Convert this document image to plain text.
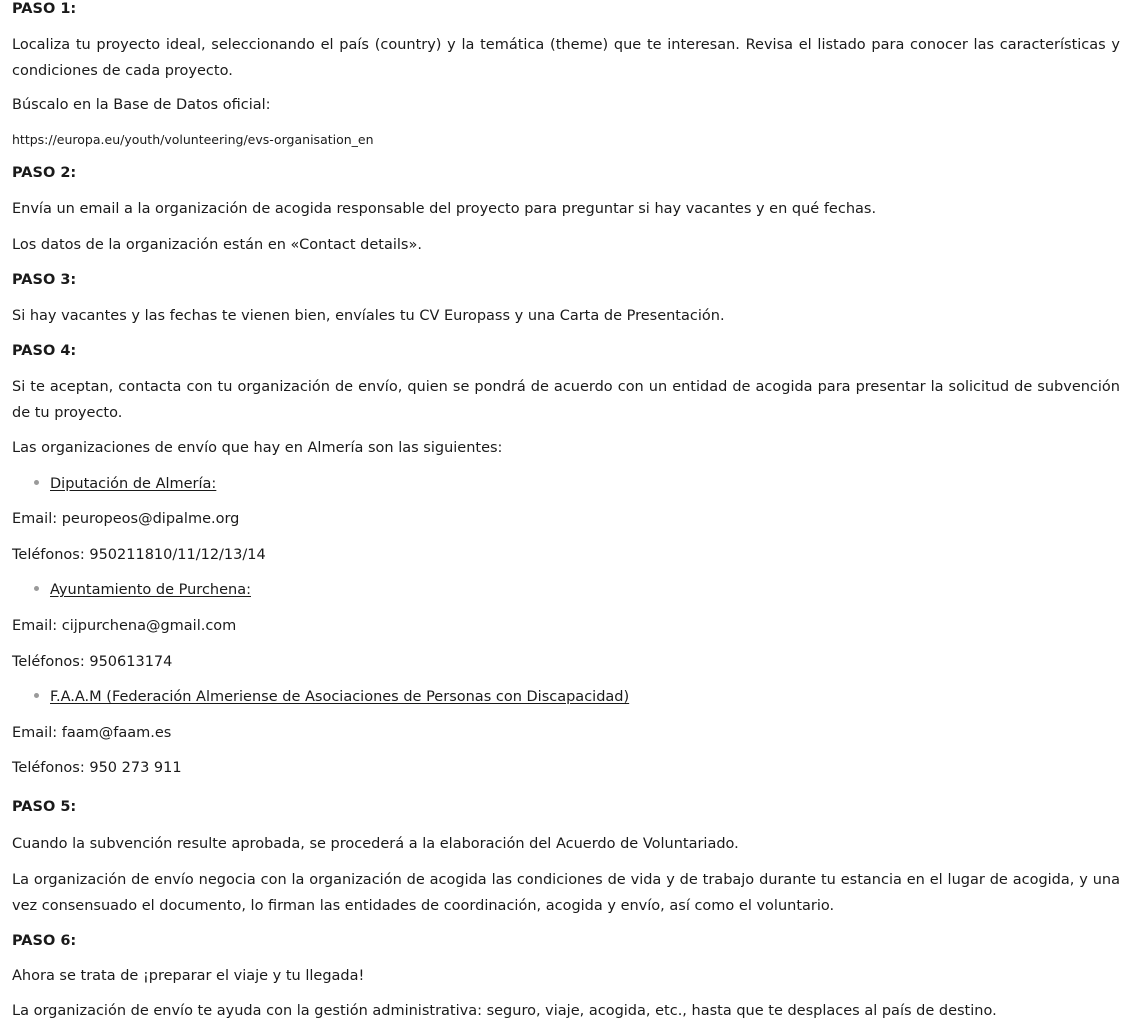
PASO 1:

Localiza tu proyecto ideal, seleccionando el país (country) y la temática (theme) que te interesan. Revisa el listado para conocer las características y condiciones de cada proyecto.

Búscalo en la Base de Datos oficial:

https://europa.eu/youth/volunteering/evs-organisation_en

PASO 2:

Envía un email a la organización de acogida responsable del proyecto para preguntar si hay vacantes y en qué fechas.

Los datos de la organización están en «Contact details».

PASO 3:

Si hay vacantes y las fechas te vienen bien, envíales tu CV Europass y una Carta de Presentación.

PASO 4:

Si te aceptan, contacta con tu organización de envío, quien se pondrá de acuerdo con un entidad de acogida para presentar la solicitud de subvención de tu proyecto.

Las organizaciones de envío que hay en Almería son las siguientes:

Diputación de Almería:

Email: peuropeos@dipalme.org

Teléfonos: 950211810/11/12/13/14

Ayuntamiento de Purchena:

Email: cijpurchena@gmail.com

Teléfonos: 950613174

F.A.A.M (Federación Almeriense de Asociaciones de Personas con Discapacidad)

Email: faam@faam.es

Teléfonos: 950 273 911

PASO 5:

Cuando la subvención resulte aprobada, se procederá a la elaboración del Acuerdo de Voluntariado.

La organización de envío negocia con la organización de acogida las condiciones de vida y de trabajo durante tu estancia en el lugar de acogida, y una vez consensuado el documento, lo firman las entidades de coordinación, acogida y envío, así como el voluntario.

PASO 6:

Ahora se trata de ¡preparar el viaje y tu llegada!

La organización de envío te ayuda con la gestión administrativa: seguro, viaje, acogida, etc., hasta que te desplaces al país de destino.
